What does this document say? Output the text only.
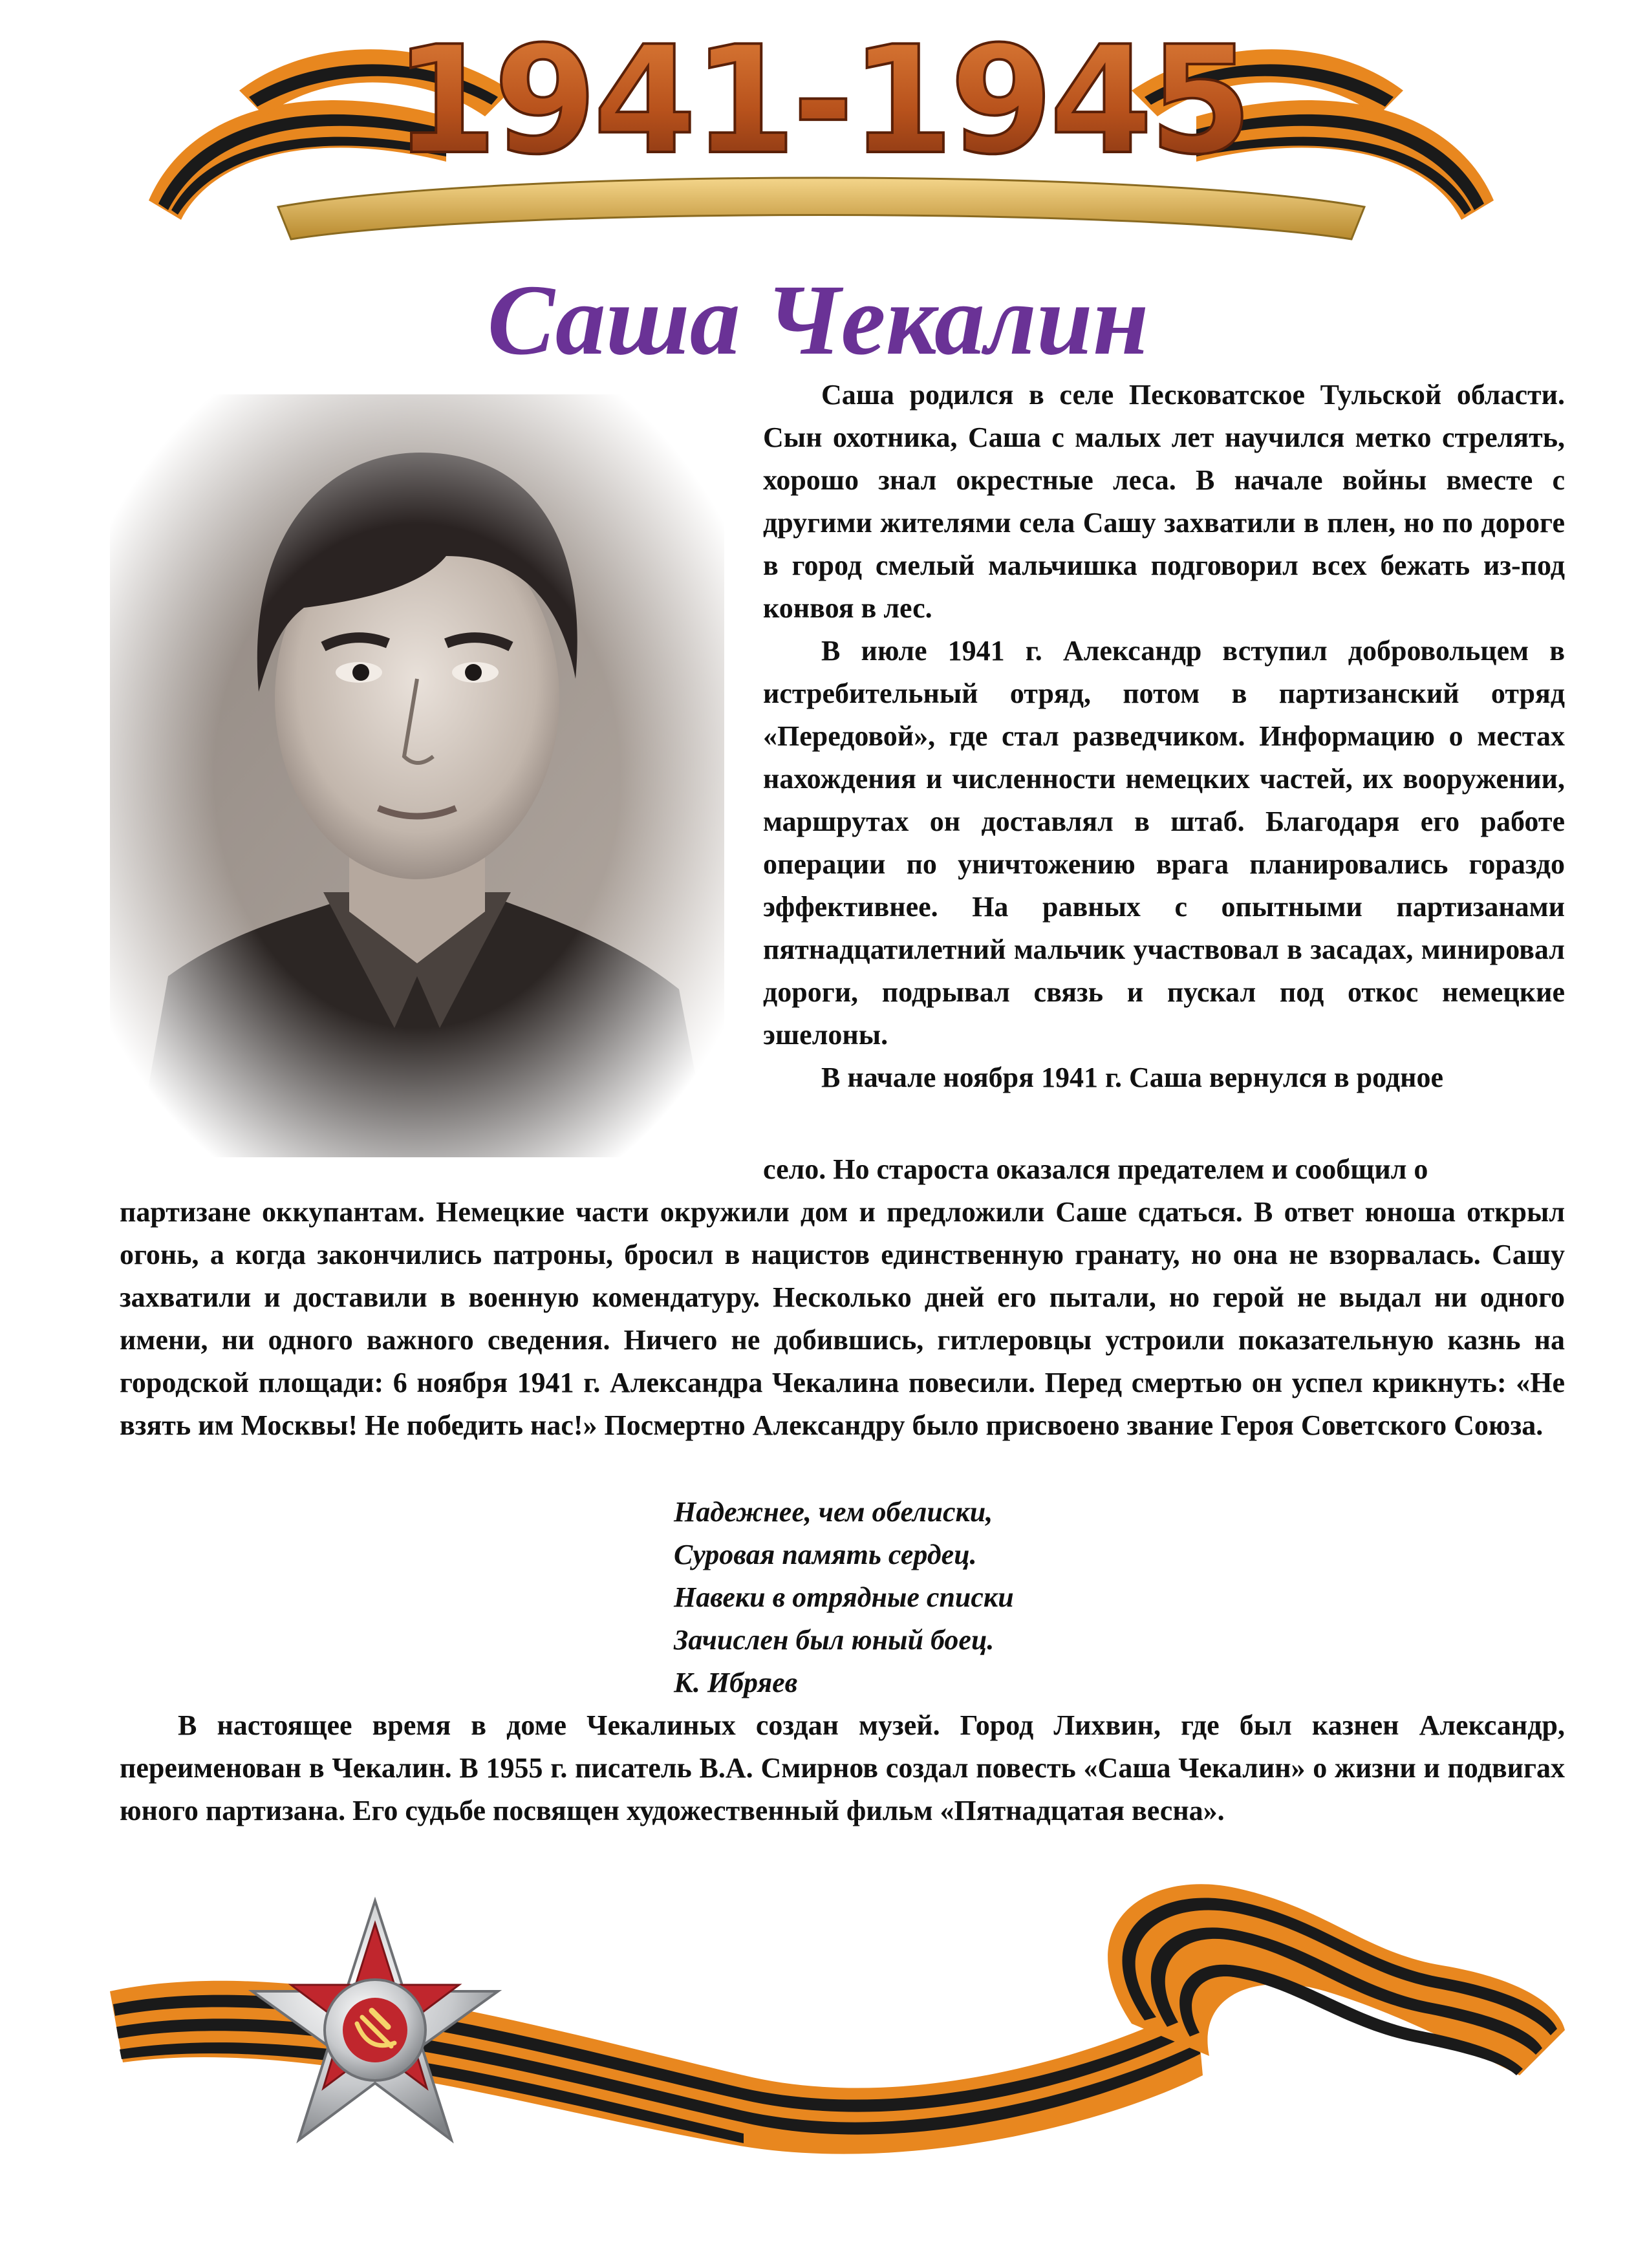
1941-1945
Саша Чекалин

Саша родился в селе Песковатское Тульской области. Сын охотника, Саша с малых лет научился метко стрелять, хорошо знал окрестные леса. В начале войны вместе с другими жителями села Сашу захватили в плен, но по дороге в город смелый мальчишка подговорил всех бежать из-под конвоя в лес.

В июле 1941 г. Александр вступил добровольцем в истребительный отряд, потом в партизанский отряд «Передовой», где стал разведчиком. Информацию о местах нахождения и численности немецких частей, их вооружении, маршрутах он доставлял в штаб. Благодаря его работе операции по уничтожению врага планировались гораздо эффективнее. На равных с опытными партизанами пятнадцатилетний мальчик участвовал в засадах, минировал дороги, подрывал связь и пускал под откос немецкие эшелоны.

В начале ноября 1941 г. Саша вернулся в родное

село. Но староста оказался предателем и сообщил о
партизане оккупантам. Немецкие части окружили дом и предложили Саше сдаться. В ответ юноша открыл огонь, а когда закончились патроны, бросил в нацистов единственную гранату, но она не взорвалась. Сашу захватили и доставили в военную комендатуру. Несколько дней его пытали, но герой не выдал ни одного имени, ни одного важного сведения. Ничего не добившись, гитлеровцы устроили показательную казнь на городской площади: 6 ноября 1941 г. Александра Чекалина повесили. Перед смертью он успел крикнуть: «Не взять им Москвы! Не победить нас!» Посмертно Александру было присвоено звание Героя Советского Союза.

Надежнее, чем обелиски,
Суровая память сердец.
Навеки в отрядные списки
Зачислен был юный боец.
К. Ибряев

В настоящее время в доме Чекалиных создан музей. Город Лихвин, где был казнен Александр, переименован в Чекалин. В 1955 г. писатель В.А. Смирнов создал повесть «Саша Чекалин» о жизни и подвигах юного партизана. Его судьбе посвящен художественный фильм «Пятнадцатая весна».
